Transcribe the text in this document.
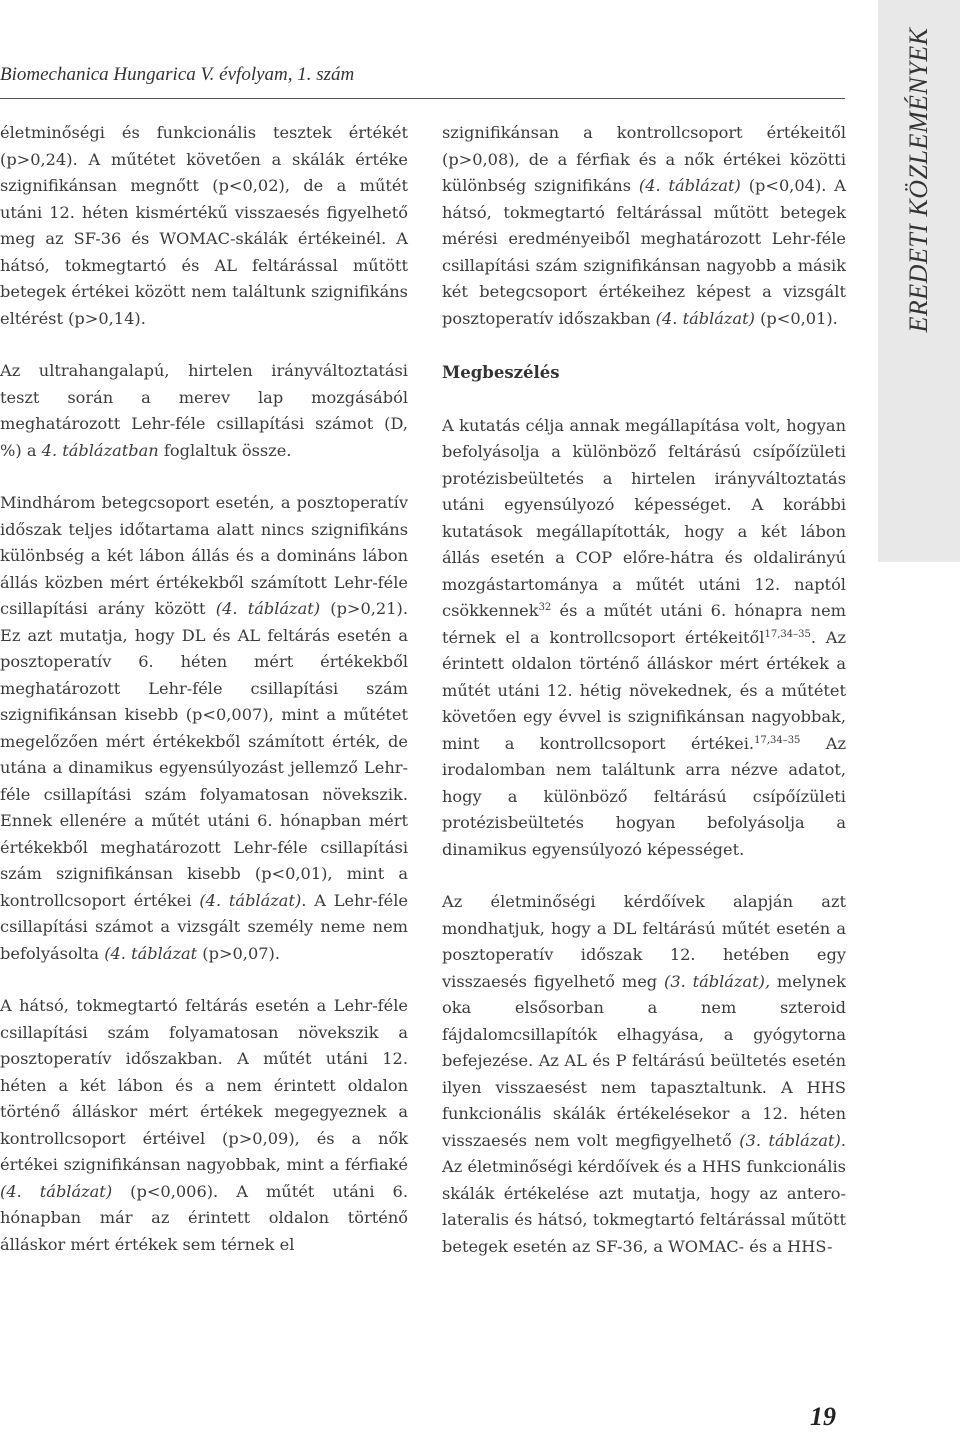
Biomechanica Hungarica V. évfolyam, 1. szám	EREDETI KÖZLEMÉNYEK

életminőségi és funkcionális tesztek értékét (p>0,24). A műtétet követően a skálák értéke szignifikánsan megnőtt (p<0,02), de a műtét utáni 12. héten kismértékű visszaesés figyelhető meg az SF-36 és WOMAC-skálák értékeinél. A hátsó, tokmegtartó és AL feltárással műtött betegek értékei között nem találtunk szignifikáns eltérést (p>0,14).

Az ultrahangalapú, hirtelen irányváltoztatási teszt során a merev lap mozgásából meghatározott Lehr-féle csillapítási számot (D, %) a 4. táblázatban foglaltuk össze.

Mindhárom betegcsoport esetén, a posztoperatív időszak teljes időtartama alatt nincs szignifikáns különbség a két lábon állás és a domináns lábon állás közben mért értékekből számított Lehr-féle csillapítási arány között (4. táblázat) (p>0,21). Ez azt mutatja, hogy DL és AL feltárás esetén a posztoperatív 6. héten mért értékekből meghatározott Lehr-féle csillapítási szám szignifikánsan kisebb (p<0,007), mint a műtétet megelőzően mért értékekből számított érték, de utána a dinamikus egyensúlyozást jellemző Lehr-féle csillapítási szám folyamatosan növekszik. Ennek ellenére a műtét utáni 6. hónapban mért értékekből meghatározott Lehr-féle csillapítási szám szignifikánsan kisebb (p<0,01), mint a kontrollcsoport értékei (4. táblázat). A Lehr-féle csillapítási számot a vizsgált személy neme nem befolyásolta (4. táblázat (p>0,07).

A hátsó, tokmegtartó feltárás esetén a Lehr-féle csillapítási szám folyamatosan növekszik a posztoperatív időszakban. A műtét utáni 12. héten a két lábon és a nem érintett oldalon történő álláskor mért értékek megegyeznek a kontrollcsoport értéivel (p>0,09), és a nők értékei szignifikánsan nagyobbak, mint a férfiaké (4. táblázat) (p<0,006). A műtét utáni 6. hónapban már az érintett oldalon történő álláskor mért értékek sem térnek el

szignifikánsan a kontrollcsoport értékeitől (p>0,08), de a férfiak és a nők értékei közötti különbség szignifikáns (4. táblázat) (p<0,04). A hátsó, tokmegtartó feltárással műtött betegek mérési eredményeiből meghatározott Lehr-féle csillapítási szám szignifikánsan nagyobb a másik két betegcsoport értékeihez képest a vizsgált posztoperatív időszakban (4. táblázat) (p<0,01).

Megbeszélés

A kutatás célja annak megállapítása volt, hogyan befolyásolja a különböző feltárású csípőízületi protézisbeültetés a hirtelen irányváltoztatás utáni egyensúlyozó képességet. A korábbi kutatások megállapították, hogy a két lábon állás esetén a COP előre-hátra és oldalirányú mozgástartománya a műtét utáni 12. naptól csökkennek$^{32}$ és a műtét utáni 6. hónapra nem térnek el a kontrollcsoport értékeitől$^{17,34-35}$. Az érintett oldalon történő álláskor mért értékek a műtét utáni 12. hétig növekednek, és a műtétet követően egy évvel is szignifikánsan nagyobbak, mint a kontrollcsoport értékei.$^{17,34-35}$ Az irodalomban nem találtunk arra nézve adatot, hogy a különböző feltárású csípőízületi protézisbeültetés hogyan befolyásolja a dinamikus egyensúlyozó képességet.

Az életminőségi kérdőívek alapján azt mondhatjuk, hogy a DL feltárású műtét esetén a posztoperatív időszak 12. hetében egy visszaesés figyelhető meg (3. táblázat), melynek oka elsősorban a nem szteroid fájdalomcsillapítók elhagyása, a gyógytorna befejezése. Az AL és P feltárású beültetés esetén ilyen visszaesést nem tapasztaltunk. A HHS funkcionális skálák értékelésekor a 12. héten visszaesés nem volt megfigyelhető (3. táblázat). Az életminőségi kérdőívek és a HHS funkcionális skálák értékelése azt mutatja, hogy az antero-lateralis és hátsó, tokmegtartó feltárással műtött betegek esetén az SF-36, a WOMAC- és a HHS-

19
